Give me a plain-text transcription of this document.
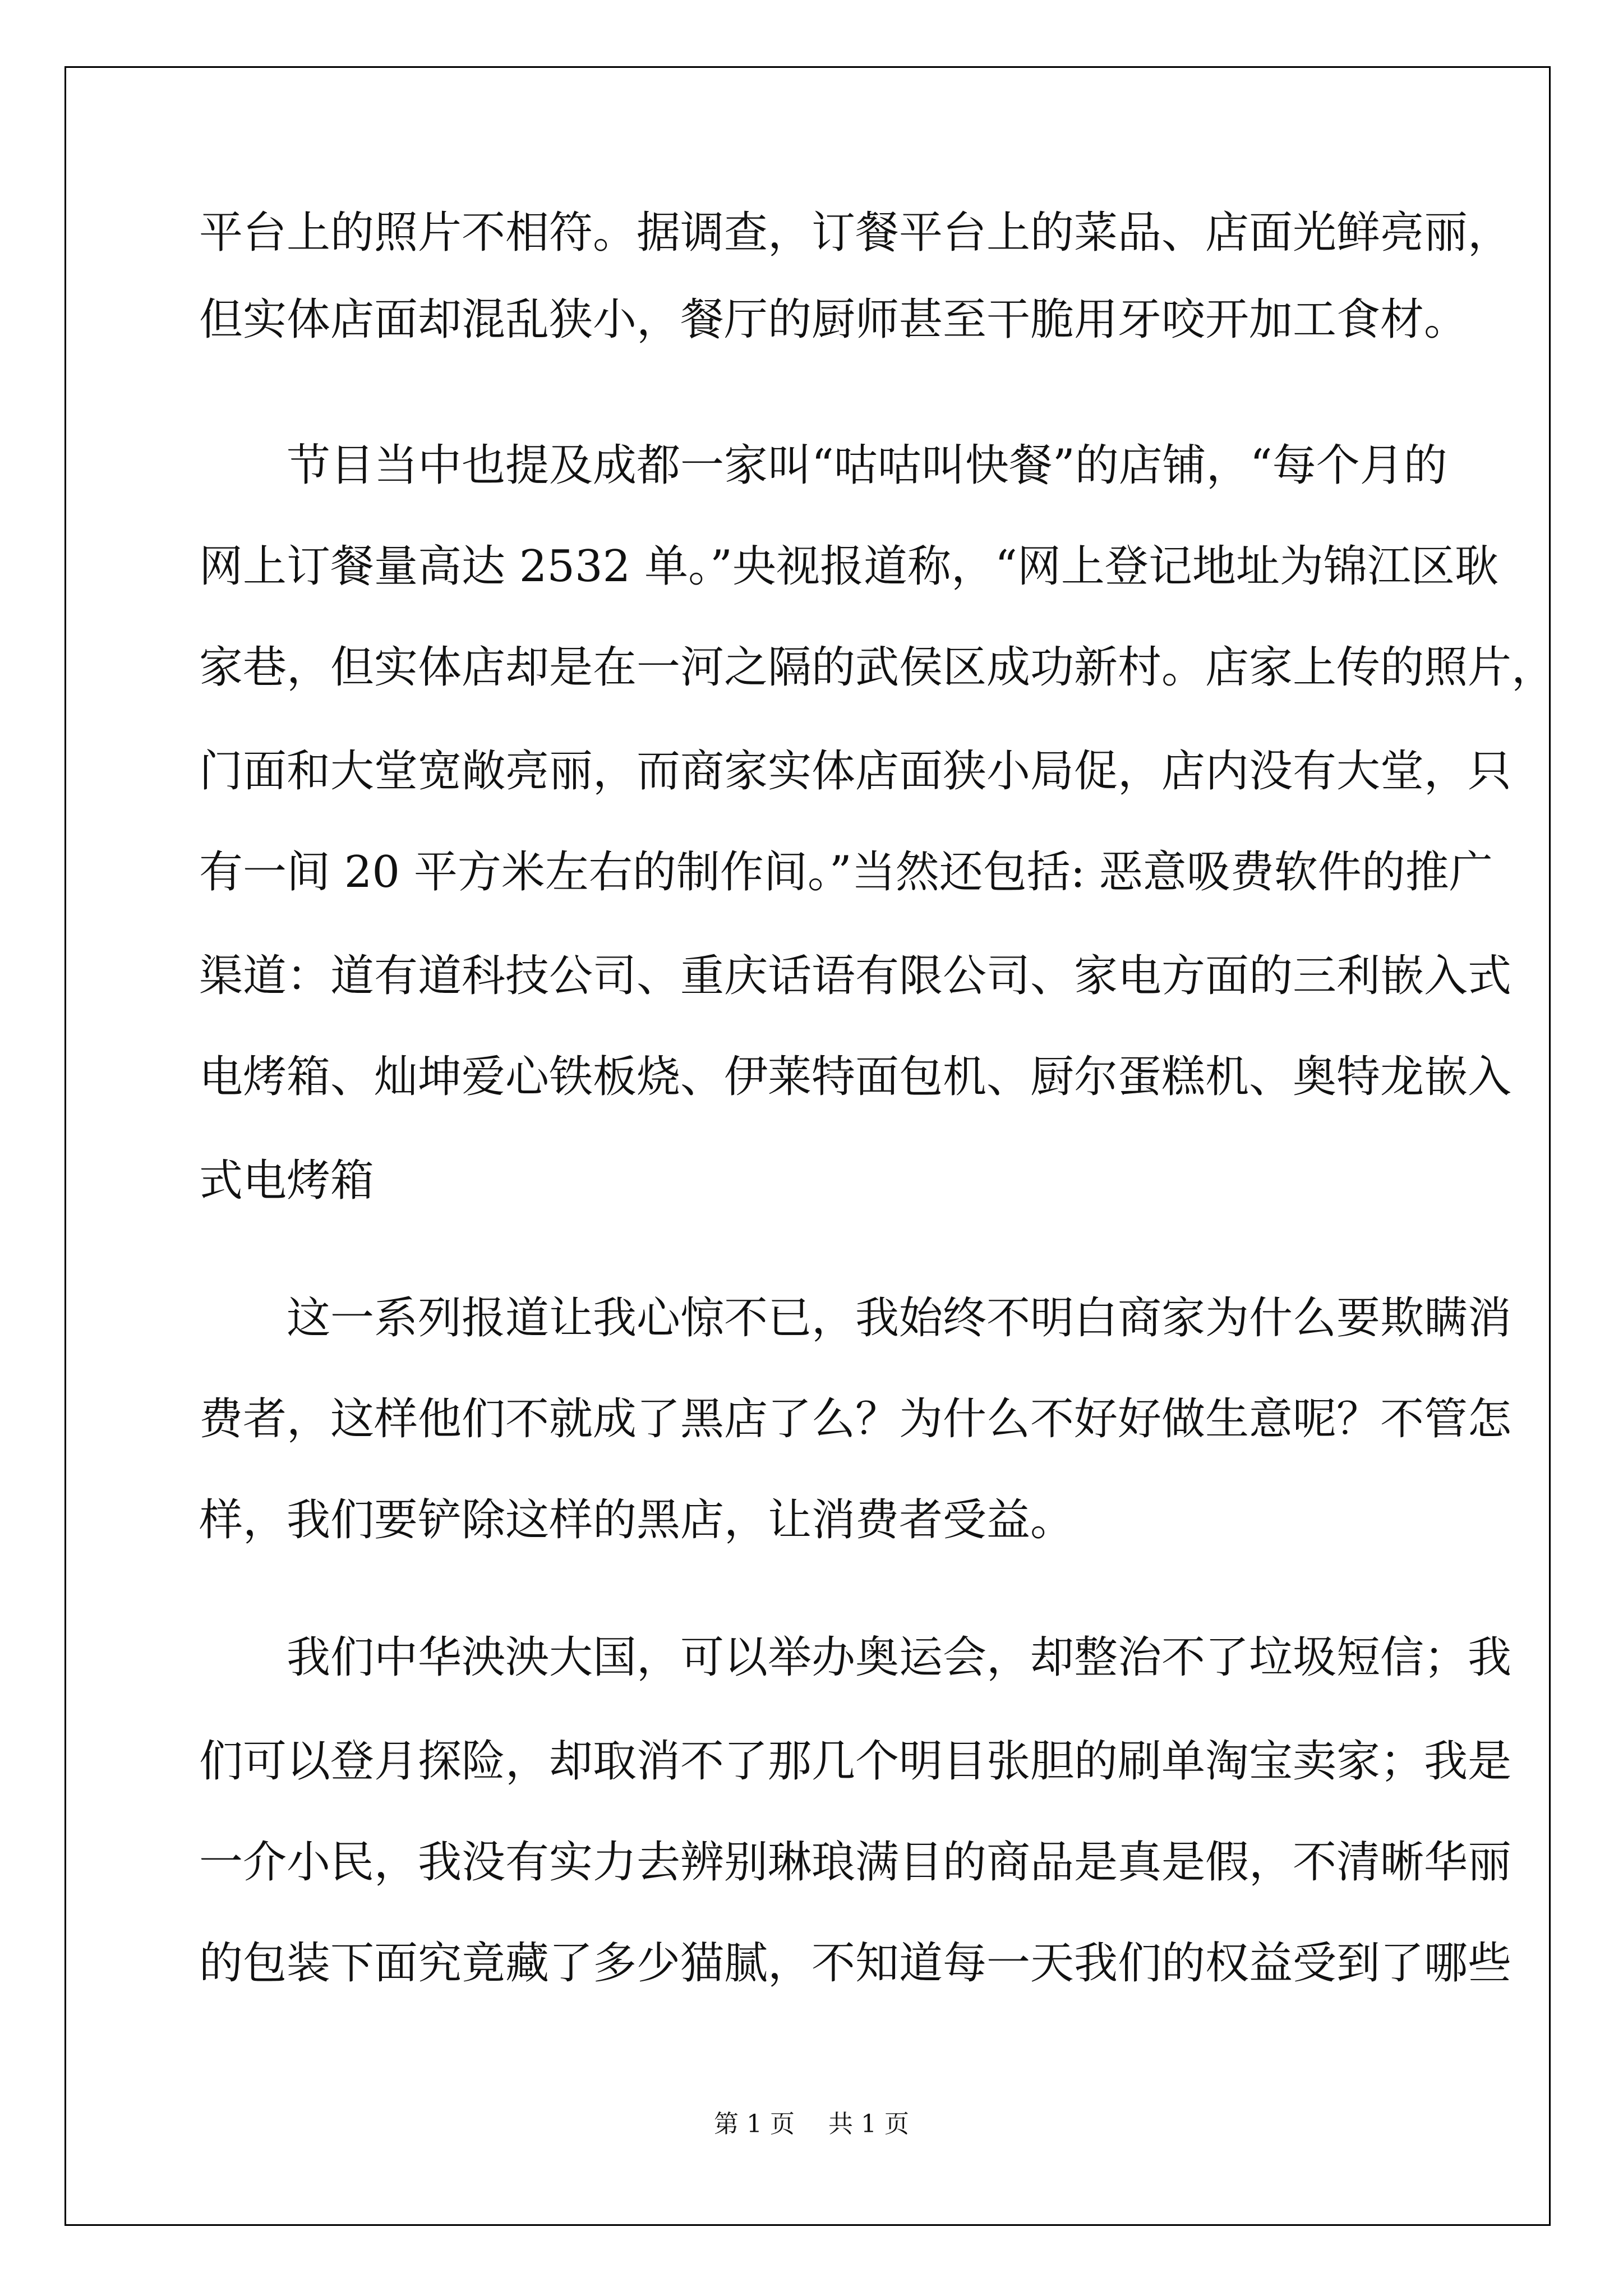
平台上的照片不相符。据调查，订餐平台上的菜品、店面光鲜亮丽，
但实体店面却混乱狭小，餐厅的厨师甚至干脆用牙咬开加工食材。
　　节目当中也提及成都一家叫“咕咕叫快餐”的店铺，“每个月的
网上订餐量高达 2532 单。”央视报道称，“网上登记地址为锦江区耿
家巷，但实体店却是在一河之隔的武侯区成功新村。店家上传的照片，
门面和大堂宽敞亮丽，而商家实体店面狭小局促，店内没有大堂，只
有一间 20 平方米左右的制作间。”当然还包括: 恶意吸费软件的推广
渠道：道有道科技公司、重庆话语有限公司、家电方面的三利嵌入式
电烤箱、灿坤爱心铁板烧、伊莱特面包机、厨尔蛋糕机、奥特龙嵌入
式电烤箱
　　这一系列报道让我心惊不已，我始终不明白商家为什么要欺瞒消
费者，这样他们不就成了黑店了么？为什么不好好做生意呢？不管怎
样，我们要铲除这样的黑店，让消费者受益。
　　我们中华泱泱大国，可以举办奥运会，却整治不了垃圾短信；我
们可以登月探险，却取消不了那几个明目张胆的刷单淘宝卖家；我是
一介小民，我没有实力去辨别琳琅满目的商品是真是假，不清晰华丽
的包装下面究竟藏了多少猫腻，不知道每一天我们的权益受到了哪些
第 1 页 共 1 页
